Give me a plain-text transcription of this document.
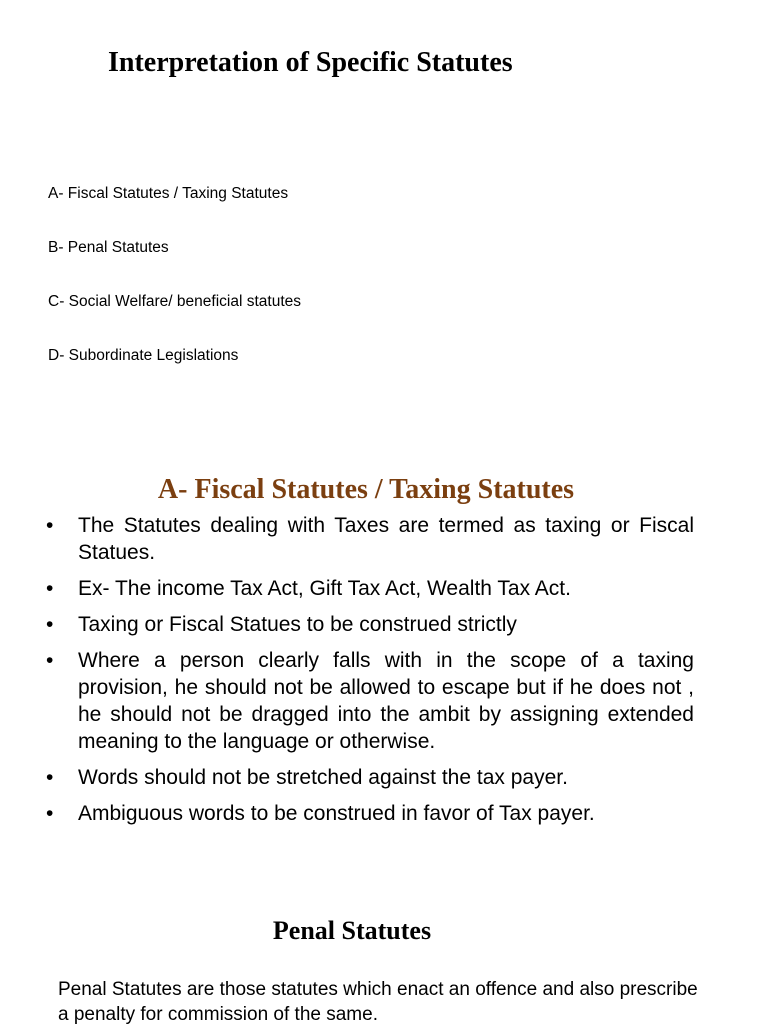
Interpretation of Specific Statutes
A- Fiscal Statutes / Taxing Statutes
B- Penal Statutes
C- Social Welfare/ beneficial statutes
D- Subordinate Legislations
A- Fiscal Statutes / Taxing Statutes
• The Statutes dealing with Taxes are termed as taxing or Fiscal Statues.
• Ex- The income Tax Act, Gift Tax Act, Wealth Tax Act.
• Taxing or Fiscal Statues to be construed strictly
• Where a person clearly falls with in the scope of a taxing provision, he should not be allowed to escape but if he does not , he should not be dragged into the ambit by assigning extended meaning to the language or otherwise.
• Words should not be stretched against the tax payer.
• Ambiguous words to be construed in favor of Tax payer.
Penal Statutes

Penal Statutes are those statutes which enact an offence and also prescribe a penalty for commission of the same.
